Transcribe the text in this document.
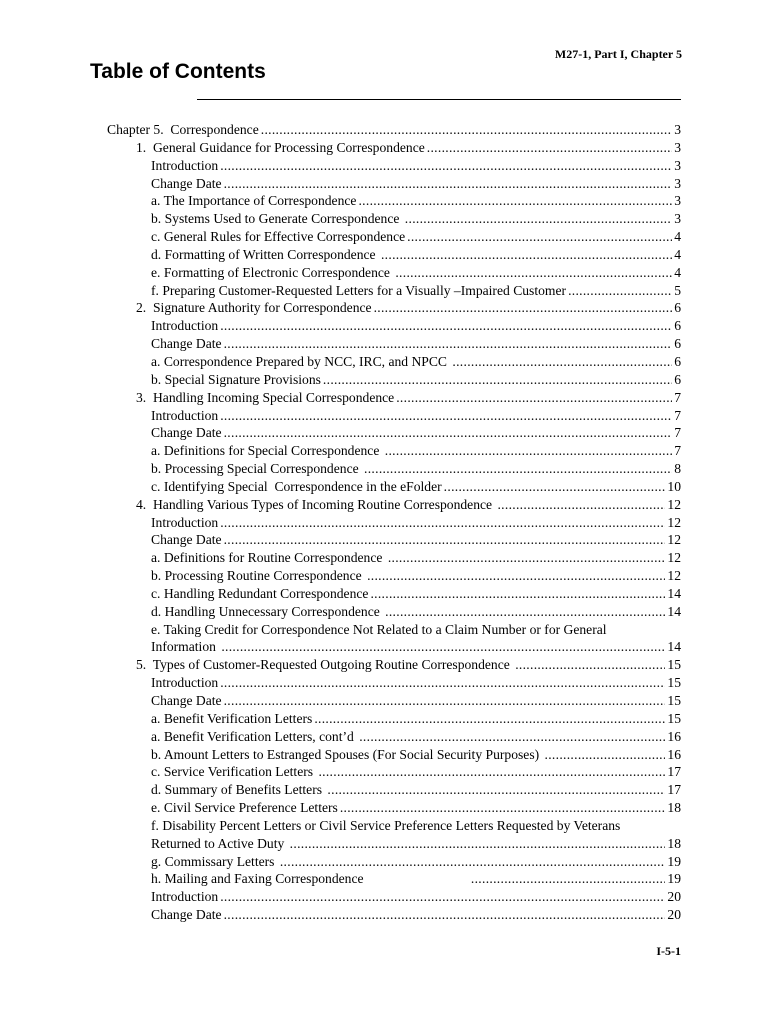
M27-1, Part I, Chapter 5
Table of Contents
Chapter 5.  Correspondence .....	3
1.  General Guidance for Processing Correspondence .....	3
Introduction .....	3
Change Date .....	3
a. The Importance of Correspondence .....	3
b. Systems Used to Generate Correspondence .....	3
c. General Rules for Effective Correspondence .....	4
d. Formatting of Written Correspondence .....	4
e. Formatting of Electronic Correspondence .....	4
f. Preparing Customer-Requested Letters for a Visually –Impaired Customer .....	5
2.  Signature Authority for Correspondence .....	6
Introduction .....	6
Change Date .....	6
a. Correspondence Prepared by NCC, IRC, and NPCC .....	6
b. Special Signature Provisions .....	6
3.  Handling Incoming Special Correspondence .....	7
Introduction .....	7
Change Date .....	7
a. Definitions for Special Correspondence .....	7
b. Processing Special Correspondence .....	8
c. Identifying Special  Correspondence in the eFolder .....	10
4.  Handling Various Types of Incoming Routine Correspondence .....	12
Introduction .....	12
Change Date .....	12
a. Definitions for Routine Correspondence .....	12
b. Processing Routine Correspondence .....	12
c. Handling Redundant Correspondence .....	14
d. Handling Unnecessary Correspondence .....	14
e. Taking Credit for Correspondence Not Related to a Claim Number or for General
Information .....	14
5.  Types of Customer-Requested Outgoing Routine Correspondence .....	15
Introduction .....	15
Change Date .....	15
a. Benefit Verification Letters .....	15
a. Benefit Verification Letters, cont’d .....	16
b. Amount Letters to Estranged Spouses (For Social Security Purposes) .....	16
c. Service Verification Letters .....	17
d. Summary of Benefits Letters .....	17
e. Civil Service Preference Letters .....	18
f. Disability Percent Letters or Civil Service Preference Letters Requested by Veterans
Returned to Active Duty .....	18
g. Commissary Letters .....	19
h. Mailing and Faxing Correspondence .....	19
Introduction .....	20
Change Date .....	20
I-5-1
